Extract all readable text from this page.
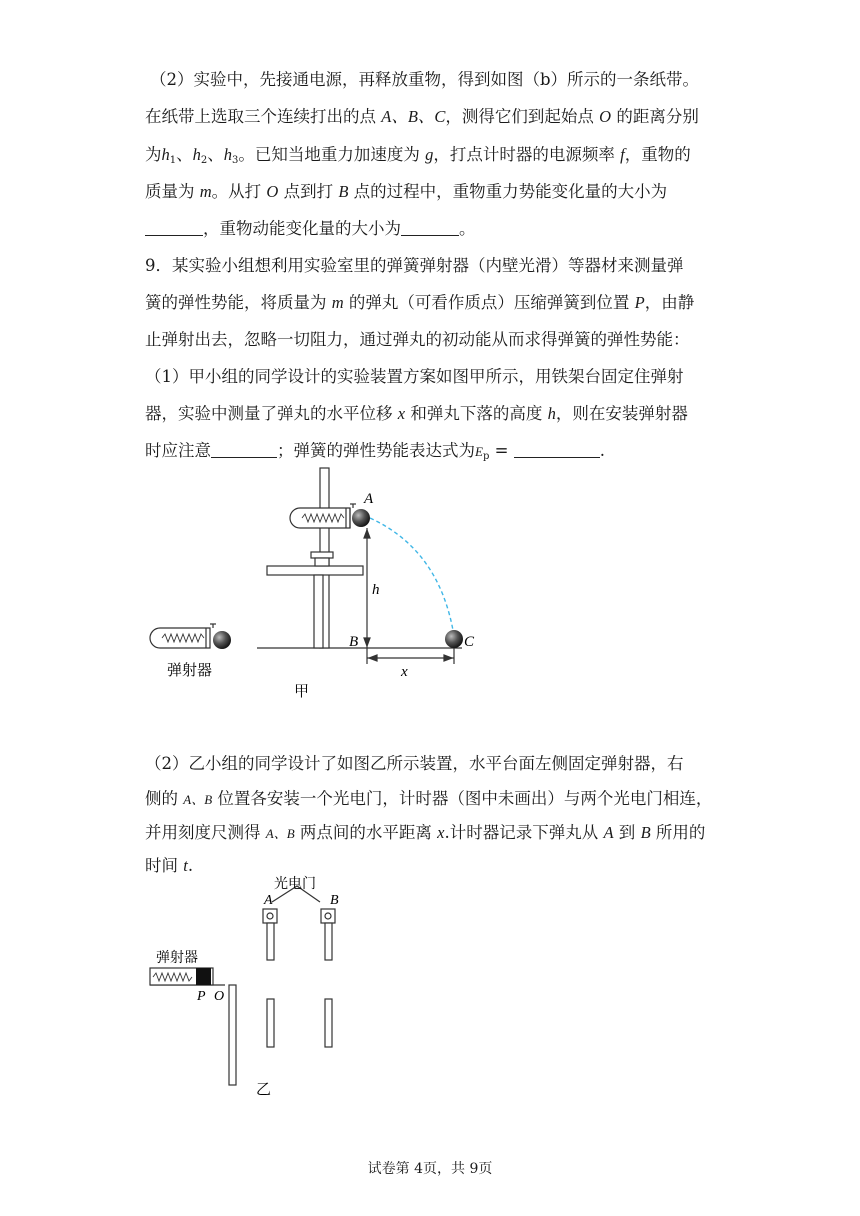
（2）实验中，先接通电源，再释放重物，得到如图（b）所示的一条纸带。
在纸带上选取三个连续打出的点 A、B、C，测得它们到起始点 O 的距离分别
为$h_1$、$h_2$、$h_3$。已知当地重力加速度为 g，打点计时器的电源频率 f，重物的
质量为 m。从打 O 点到打 B 点的过程中，重物重力势能变化量的大小为
，重物动能变化量的大小为	。
9．某实验小组想利用实验室里的弹簧弹射器（内壁光滑）等器材来测量弹
簧的弹性势能，将质量为 m 的弹丸（可看作质点）压缩弹簧到位置 P，由静
止弹射出去，忽略一切阻力，通过弹丸的初动能从而求得弹簧的弹性势能：
（1）甲小组的同学设计的实验装置方案如图甲所示，用铁架台固定住弹射
器，实验中测量了弹丸的水平位移 x 和弹丸下落的高度 h，则在安装弹射器
时应注意	；弹簧的弹性势能表达式为$E_p$ =	.
A
B	C
h
x
弹射器
甲
（2）乙小组的同学设计了如图乙所示装置，水平台面左侧固定弹射器，右
侧的 A、B 位置各安装一个光电门，计时器（图中未画出）与两个光电门相连，
并用刻度尺测得 A、B 两点间的水平距离 x.计时器记录下弹丸从 A 到 B 所用的
时间 t.
A	B
光电门
弹射器
P O
乙
试卷第 4页，共 9页
